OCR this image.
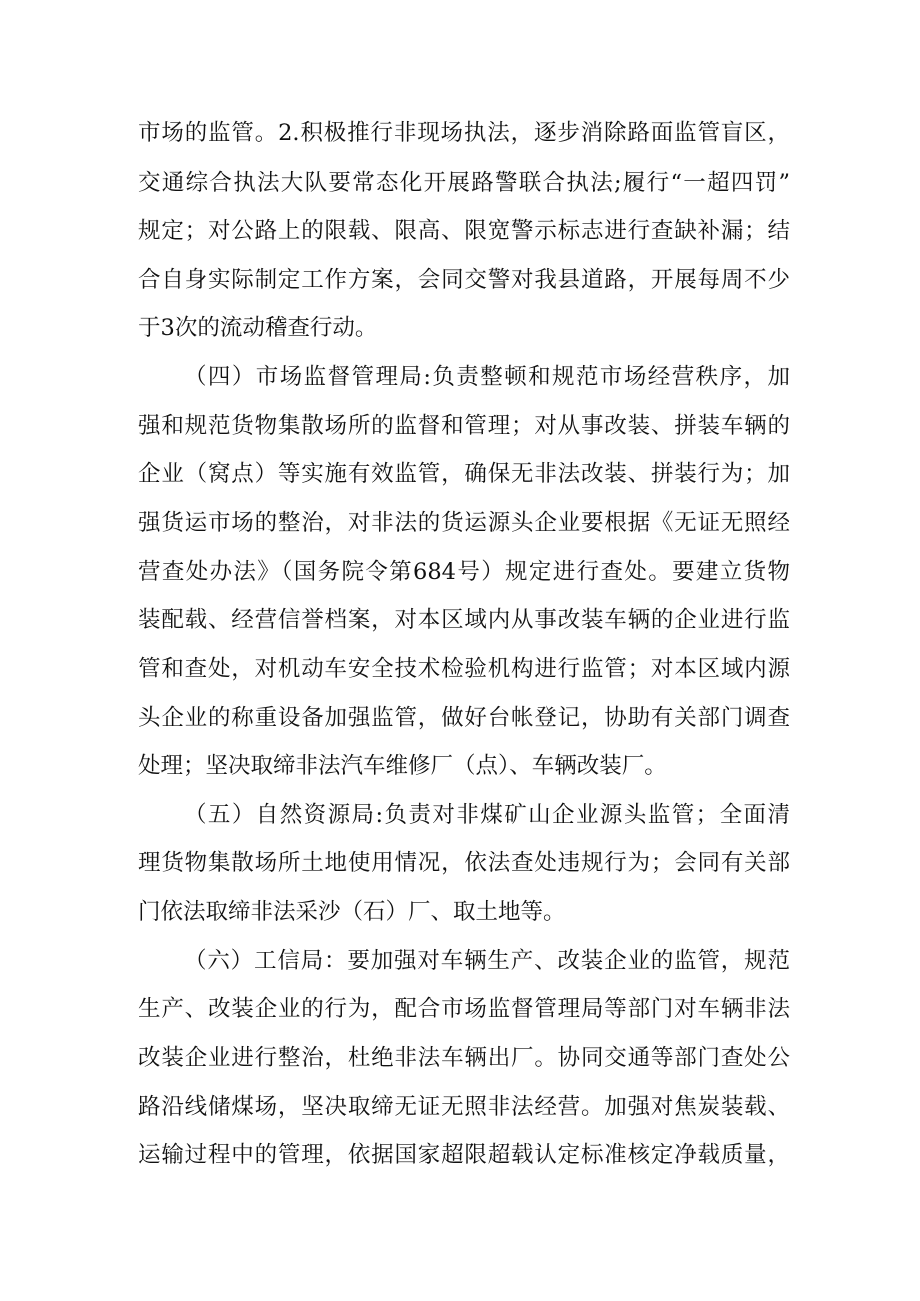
市场的监管。2.积极推行非现场执法，逐步消除路面监管盲区，
交通综合执法大队要常态化开展路警联合执法;履行“一超四罚”
规定；对公路上的限载、限高、限宽警示标志进行查缺补漏；结
合自身实际制定工作方案，会同交警对我县道路，开展每周不少
于3次的流动稽查行动。
（四）市场监督管理局:负责整顿和规范市场经营秩序，加
强和规范货物集散场所的监督和管理；对从事改装、拼装车辆的
企业（窝点）等实施有效监管，确保无非法改装、拼装行为；加
强货运市场的整治，对非法的货运源头企业要根据《无证无照经
营查处办法》（国务院令第684号）规定进行查处。要建立货物
装配载、经营信誉档案，对本区域内从事改装车辆的企业进行监
管和查处，对机动车安全技术检验机构进行监管；对本区域内源
头企业的称重设备加强监管，做好台帐登记，协助有关部门调查
处理；坚决取缔非法汽车维修厂（点）、车辆改装厂。
（五）自然资源局:负责对非煤矿山企业源头监管；全面清
理货物集散场所土地使用情况，依法查处违规行为；会同有关部
门依法取缔非法采沙（石）厂、取土地等。
（六）工信局：要加强对车辆生产、改装企业的监管，规范
生产、改装企业的行为，配合市场监督管理局等部门对车辆非法
改装企业进行整治，杜绝非法车辆出厂。协同交通等部门查处公
路沿线储煤场，坚决取缔无证无照非法经营。加强对焦炭装载、
运输过程中的管理，依据国家超限超载认定标准核定净载质量，
